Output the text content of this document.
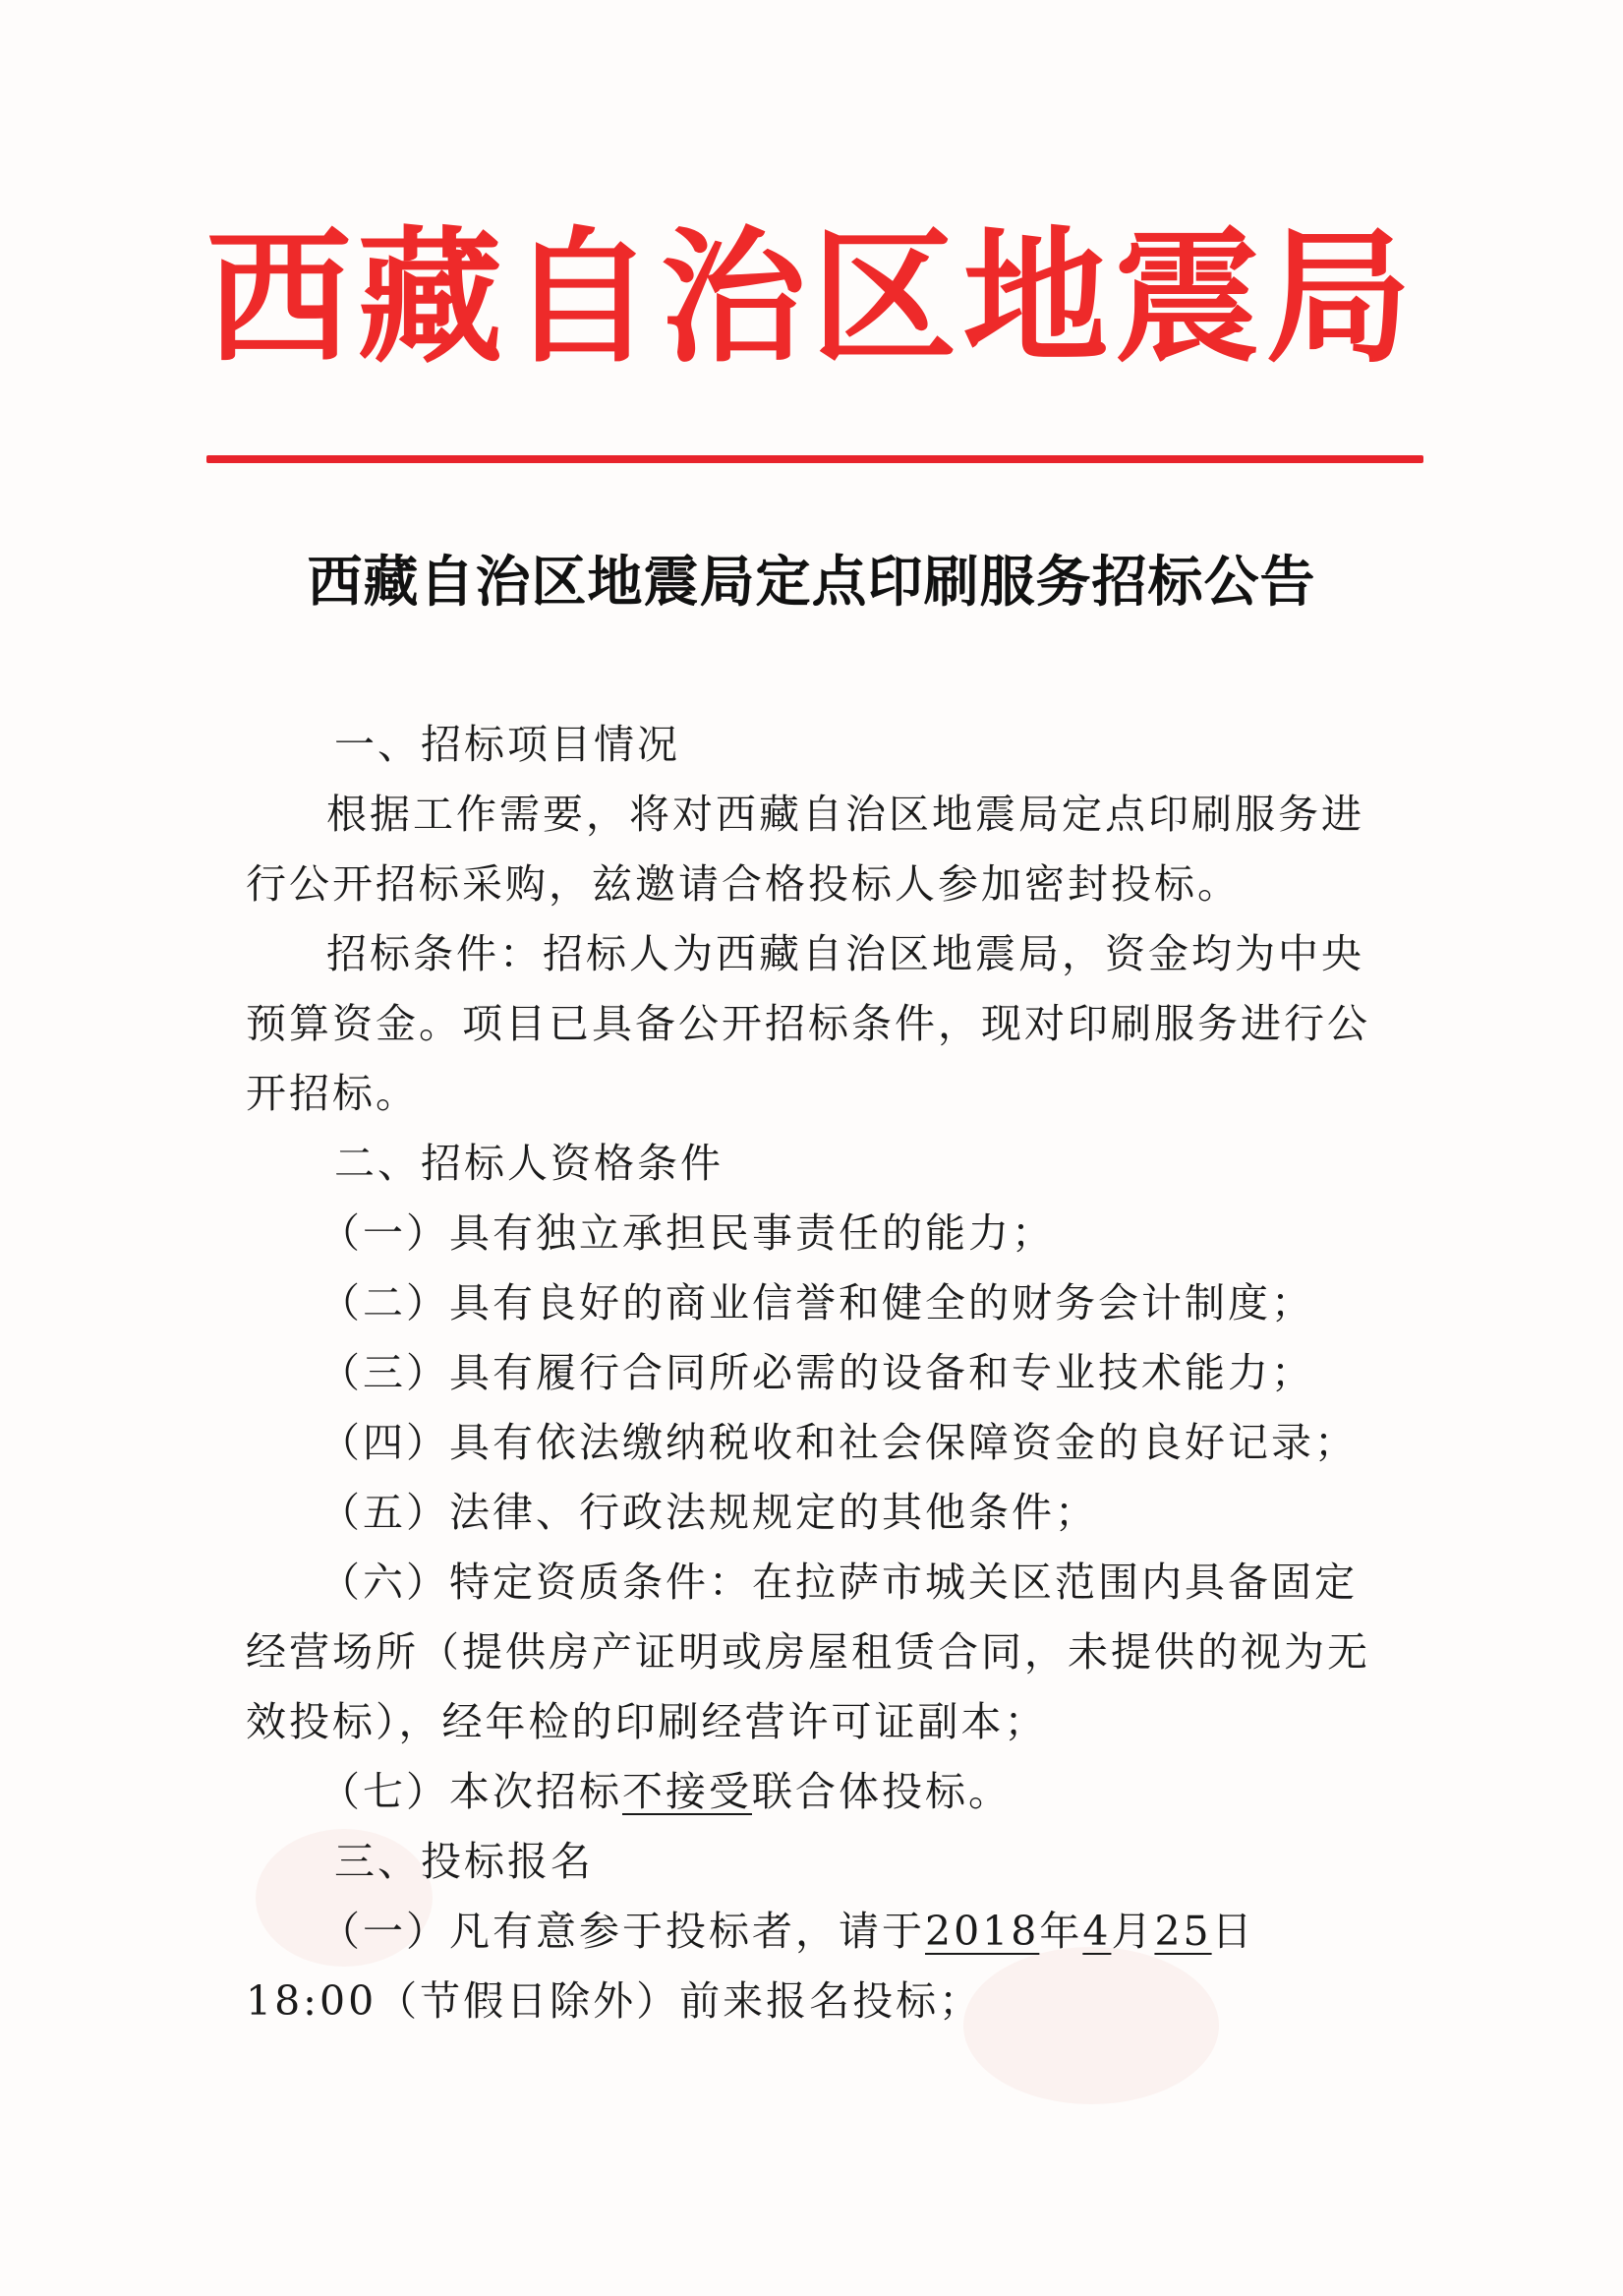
西藏自治区地震局
西藏自治区地震局定点印刷服务招标公告

一、招标项目情况

根据工作需要，将对西藏自治区地震局定点印刷服务进行公开招标采购，兹邀请合格投标人参加密封投标。

招标条件：招标人为西藏自治区地震局，资金均为中央预算资金。项目已具备公开招标条件，现对印刷服务进行公开招标。

二、招标人资格条件

（一）具有独立承担民事责任的能力；

（二）具有良好的商业信誉和健全的财务会计制度；

（三）具有履行合同所必需的设备和专业技术能力；

（四）具有依法缴纳税收和社会保障资金的良好记录；

（五）法律、行政法规规定的其他条件；

（六）特定资质条件：在拉萨市城关区范围内具备固定经营场所（提供房产证明或房屋租赁合同，未提供的视为无效投标），经年检的印刷经营许可证副本；

（七）本次招标不接受联合体投标。

三、投标报名

（一）凡有意参于投标者，请于2018年4月25日 18:00（节假日除外）前来报名投标；
